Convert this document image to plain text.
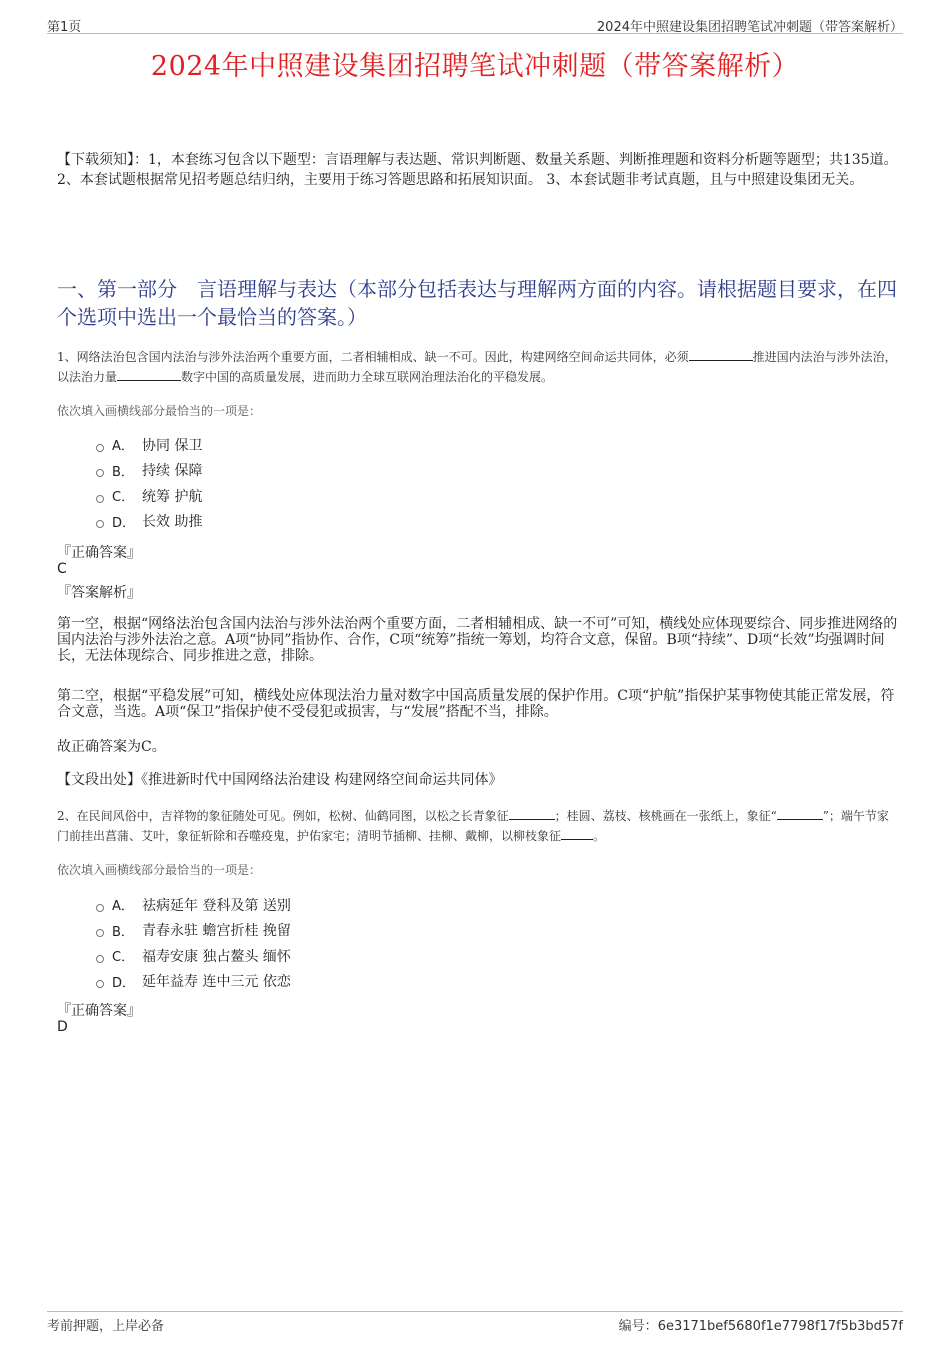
第1页	2024年中照建设集团招聘笔试冲刺题（带答案解析）
2024年中照建设集团招聘笔试冲刺题（带答案解析）
【下载须知】：1，本套练习包含以下题型：言语理解与表达题、常识判断题、数量关系题、判断推理题和资料分析题等题型；共135道。 2、本套试题根据常见招考题总结归纳，主要用于练习答题思路和拓展知识面。 3、本套试题非考试真题，且与中照建设集团无关。
一、第一部分　言语理解与表达（本部分包括表达与理解两方面的内容。请根据题目要求，在四个选项中选出一个最恰当的答案。）
1、网络法治包含国内法治与涉外法治两个重要方面，二者相辅相成、缺一不可。因此，构建网络空间命运共同体，必须	推进国内法治与涉外法治，以法治力量	数字中国的高质量发展，进而助力全球互联网治理法治化的平稳发展。
依次填入画横线部分最恰当的一项是：
A． 协同 保卫
B． 持续 保障
C． 统筹 护航
D． 长效 助推
『正确答案』
C
『答案解析』
第一空，根据“网络法治包含国内法治与涉外法治两个重要方面，二者相辅相成、缺一不可”可知，横线处应体现要综合、同步推进网络的国内法治与涉外法治之意。A项“协同”指协作、合作，C项“统筹”指统一筹划，均符合文意，保留。B项“持续”、D项“长效”均强调时间长，无法体现综合、同步推进之意，排除。
第二空，根据“平稳发展”可知，横线处应体现法治力量对数字中国高质量发展的保护作用。C项“护航”指保护某事物使其能正常发展，符合文意，当选。A项“保卫”指保护使不受侵犯或损害，与“发展”搭配不当，排除。
故正确答案为C。
【文段出处】《推进新时代中国网络法治建设 构建网络空间命运共同体》
2、在民间风俗中，吉祥物的象征随处可见。例如，松树、仙鹤同图，以松之长青象征	；桂圆、荔枝、核桃画在一张纸上，象征“	”；端午节家门前挂出菖蒲、艾叶，象征斩除和吞噬疫鬼，护佑家宅；清明节插柳、挂柳、戴柳，以柳枝象征	。
依次填入画横线部分最恰当的一项是：
A． 祛病延年 登科及第 送别
B． 青春永驻 蟾宫折桂 挽留
C． 福寿安康 独占鳌头 缅怀
D． 延年益寿 连中三元 依恋
『正确答案』
D
考前押题，上岸必备	编号：6e3171bef5680f1e7798f17f5b3bd57f
